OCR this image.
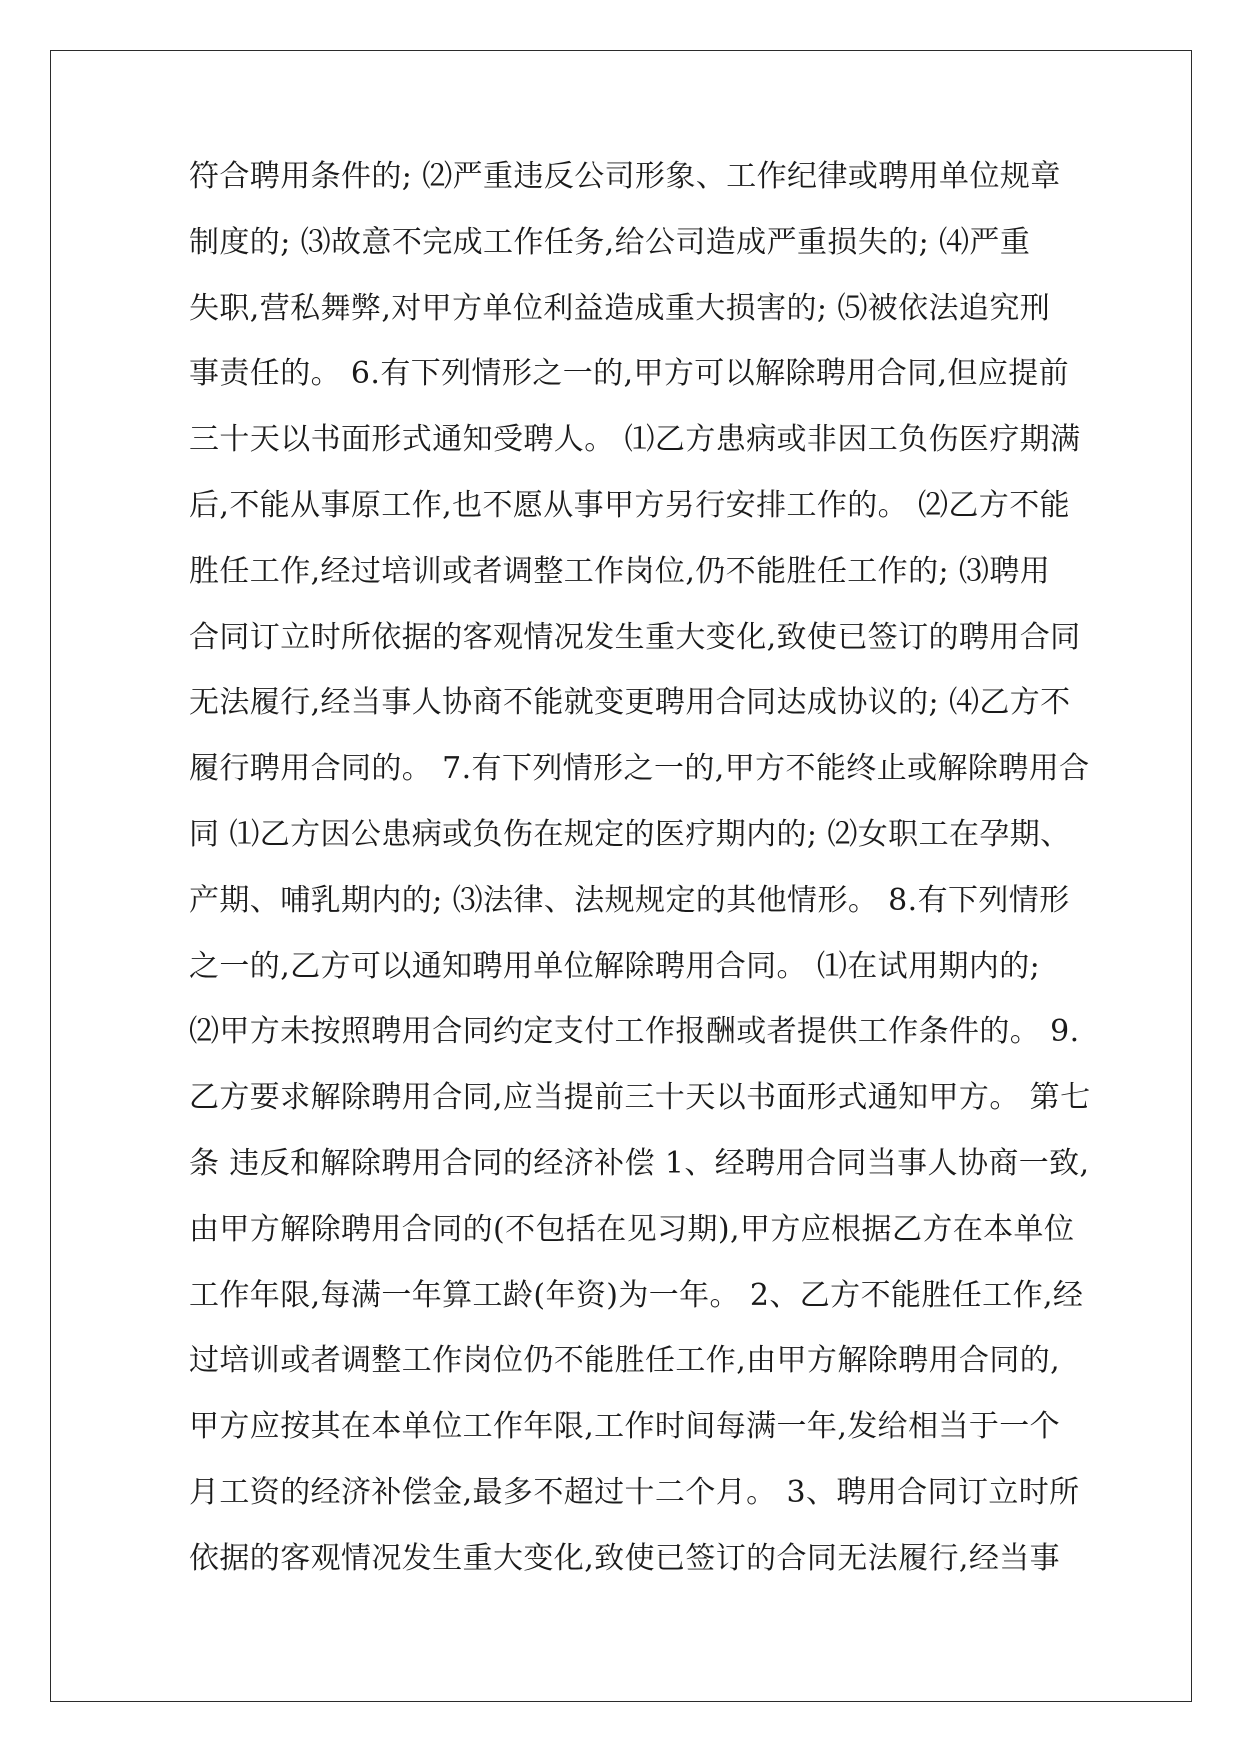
符合聘用条件的; ⑵严重违反公司形象、工作纪律或聘用单位规章
制度的; ⑶故意不完成工作任务,给公司造成严重损失的; ⑷严重
失职,营私舞弊,对甲方单位利益造成重大损害的; ⑸被依法追究刑
事责任的。 6.有下列情形之一的,甲方可以解除聘用合同,但应提前
三十天以书面形式通知受聘人。 ⑴乙方患病或非因工负伤医疗期满
后,不能从事原工作,也不愿从事甲方另行安排工作的。 ⑵乙方不能
胜任工作,经过培训或者调整工作岗位,仍不能胜任工作的; ⑶聘用
合同订立时所依据的客观情况发生重大变化,致使已签订的聘用合同
无法履行,经当事人协商不能就变更聘用合同达成协议的; ⑷乙方不
履行聘用合同的。 7.有下列情形之一的,甲方不能终止或解除聘用合
同 ⑴乙方因公患病或负伤在规定的医疗期内的; ⑵女职工在孕期、
产期、哺乳期内的; ⑶法律、法规规定的其他情形。 8.有下列情形
之一的,乙方可以通知聘用单位解除聘用合同。 ⑴在试用期内的;
⑵甲方未按照聘用合同约定支付工作报酬或者提供工作条件的。 9.
乙方要求解除聘用合同,应当提前三十天以书面形式通知甲方。 第七
条 违反和解除聘用合同的经济补偿 1、经聘用合同当事人协商一致,
由甲方解除聘用合同的(不包括在见习期),甲方应根据乙方在本单位
工作年限,每满一年算工龄(年资)为一年。 2、乙方不能胜任工作,经
过培训或者调整工作岗位仍不能胜任工作,由甲方解除聘用合同的,
甲方应按其在本单位工作年限,工作时间每满一年,发给相当于一个
月工资的经济补偿金,最多不超过十二个月。 3、聘用合同订立时所
依据的客观情况发生重大变化,致使已签订的合同无法履行,经当事
